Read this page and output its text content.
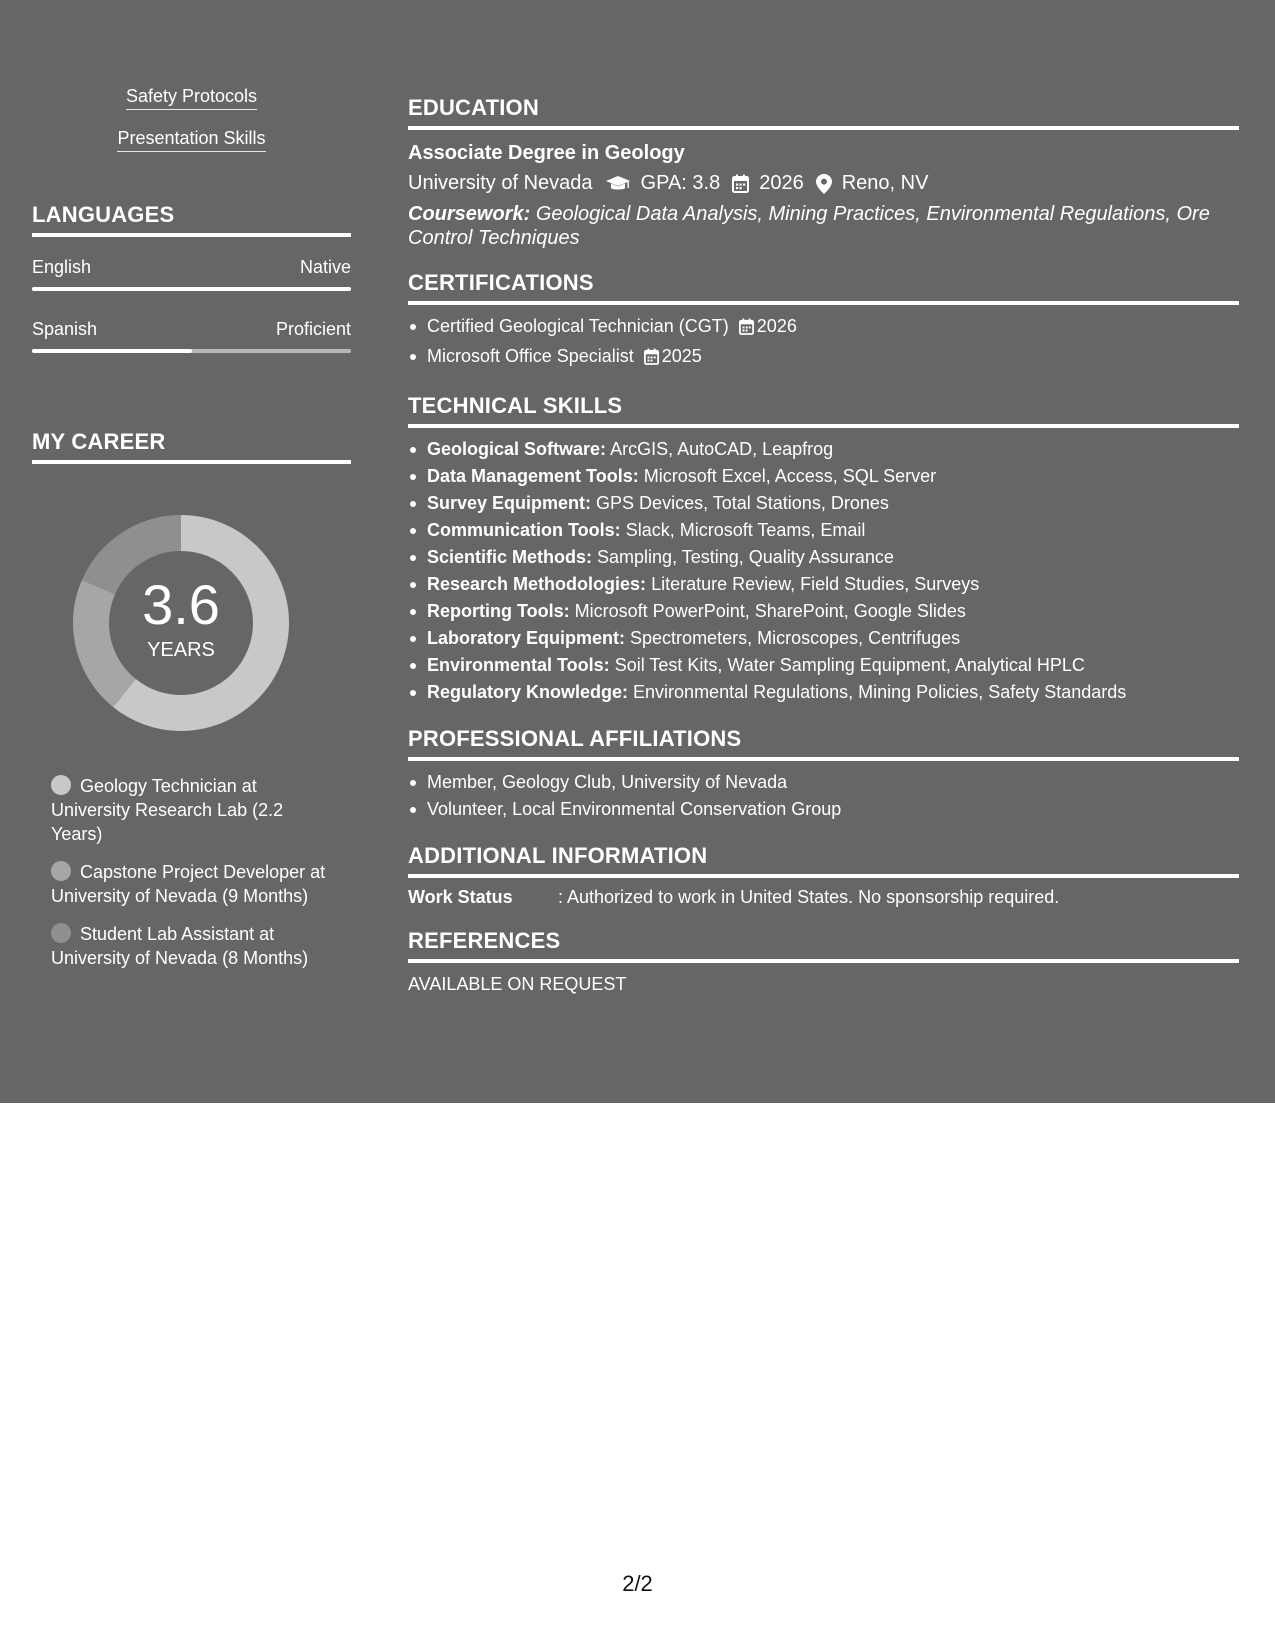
Safety Protocols
Presentation Skills
LANGUAGES
English	Native
Spanish	Proficient
MY CAREER
3.6
YEARS
Geology Technician at University Research Lab (2.2 Years)
Capstone Project Developer at University of Nevada (9 Months)
Student Lab Assistant at University of Nevada (8 Months)
EDUCATION
Associate Degree in Geology
University of Nevada GPA: 3.8 2026 Reno, NV
Coursework: Geological Data Analysis, Mining Practices, Environmental Regulations, Ore Control Techniques
CERTIFICATIONS
Certified Geological Technician (CGT) 2026
Microsoft Office Specialist 2025
TECHNICAL SKILLS
Geological Software: ArcGIS, AutoCAD, Leapfrog
Data Management Tools: Microsoft Excel, Access, SQL Server
Survey Equipment: GPS Devices, Total Stations, Drones
Communication Tools: Slack, Microsoft Teams, Email
Scientific Methods: Sampling, Testing, Quality Assurance
Research Methodologies: Literature Review, Field Studies, Surveys
Reporting Tools: Microsoft PowerPoint, SharePoint, Google Slides
Laboratory Equipment: Spectrometers, Microscopes, Centrifuges
Environmental Tools: Soil Test Kits, Water Sampling Equipment, Analytical HPLC
Regulatory Knowledge: Environmental Regulations, Mining Policies, Safety Standards
PROFESSIONAL AFFILIATIONS
Member, Geology Club, University of Nevada
Volunteer, Local Environmental Conservation Group
ADDITIONAL INFORMATION
Work Status	: Authorized to work in United States. No sponsorship required.
REFERENCES
AVAILABLE ON REQUEST
2/2
